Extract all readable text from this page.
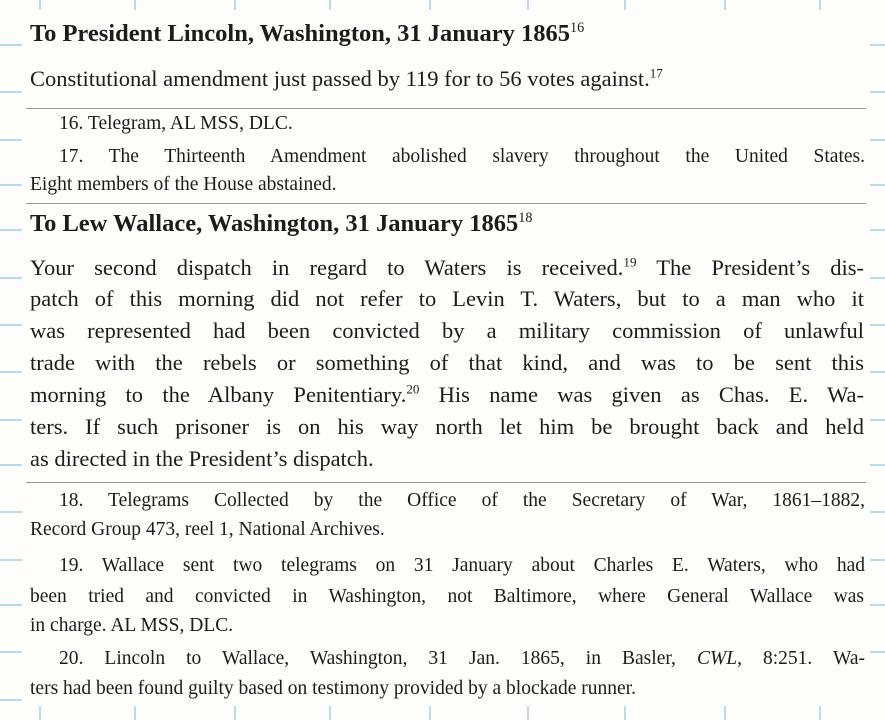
To President Lincoln, Washington, 31 January 1865$^{16}$

Constitutional amendment just passed by 119 for to 56 votes against.$^{17}$

16. Telegram, AL MSS, DLC.

17. The Thirteenth Amendment abolished slavery throughout the United States.

Eight members of the House abstained.

To Lew Wallace, Washington, 31 January 1865$^{18}$

Your second dispatch in regard to Waters is received.$^{19}$ The President’s dis-

patch of this morning did not refer to Levin T. Waters, but to a man who it

was represented had been convicted by a military commission of unlawful

trade with the rebels or something of that kind, and was to be sent this

morning to the Albany Penitentiary.$^{20}$ His name was given as Chas. E. Wa-

ters. If such prisoner is on his way north let him be brought back and held

as directed in the President’s dispatch.

18. Telegrams Collected by the Office of the Secretary of War, 1861–1882,

Record Group 473, reel 1, National Archives.

19. Wallace sent two telegrams on 31 January about Charles E. Waters, who had

been tried and convicted in Washington, not Baltimore, where General Wallace was

in charge. AL MSS, DLC.

20. Lincoln to Wallace, Washington, 31 Jan. 1865, in Basler, CWL, 8:251. Wa-

ters had been found guilty based on testimony provided by a blockade runner.
